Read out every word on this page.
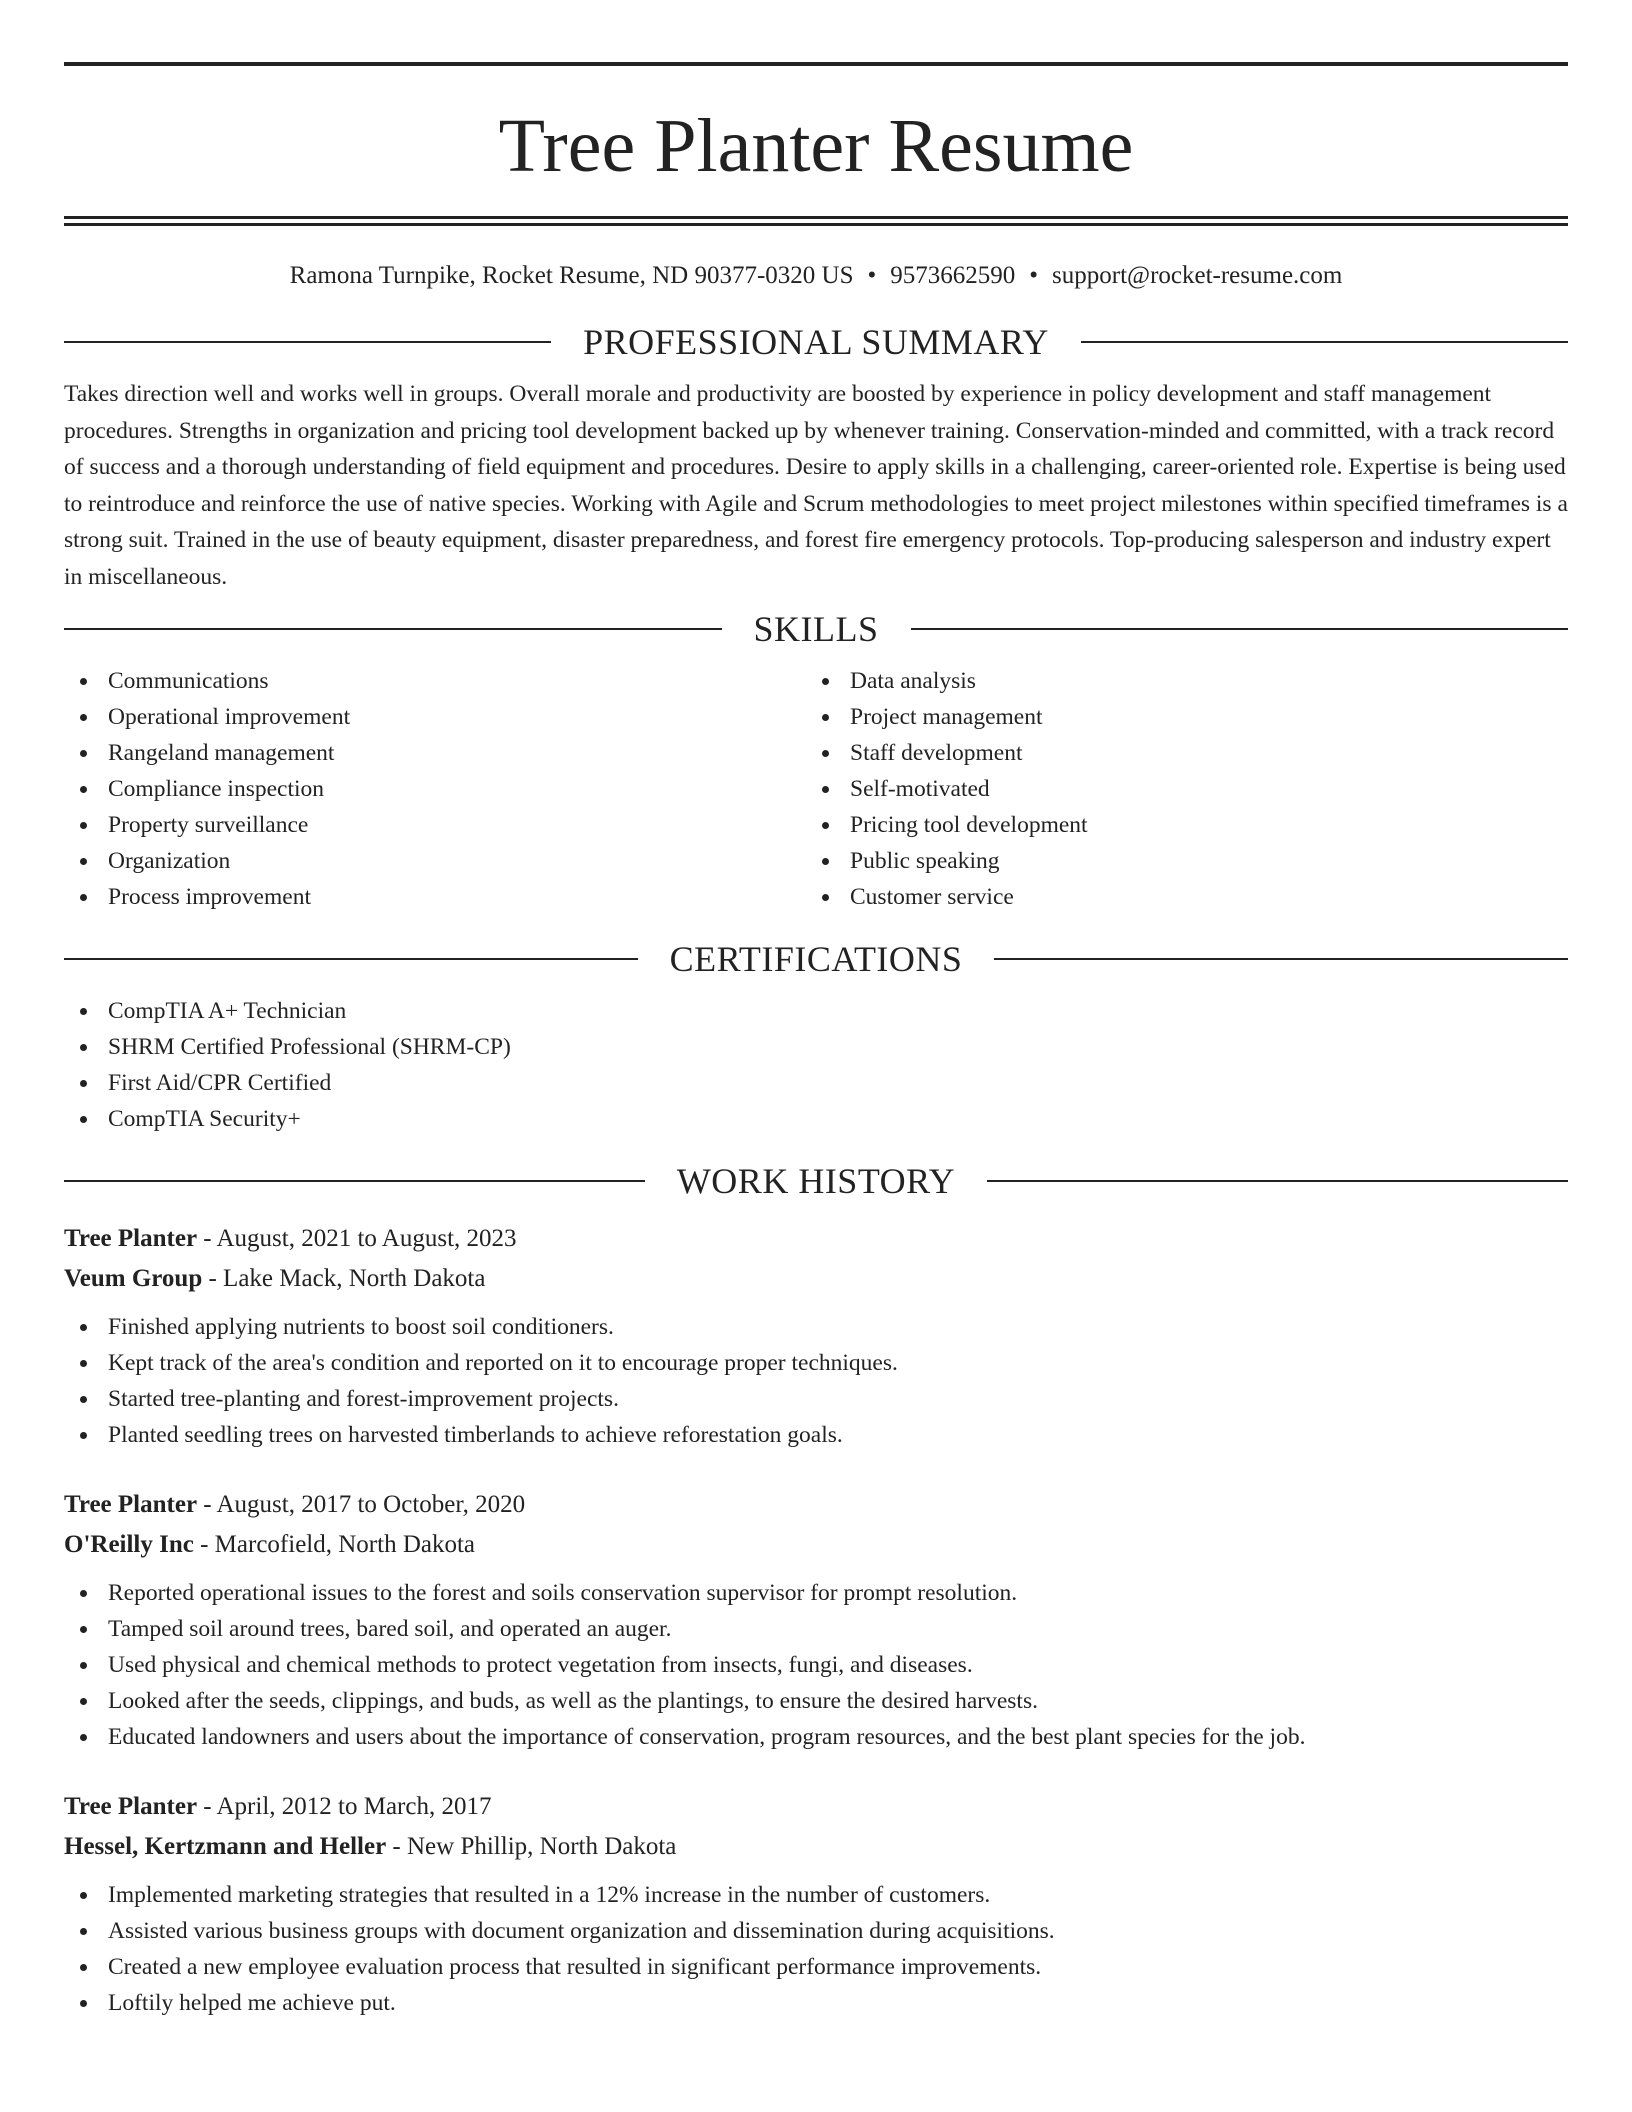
Tree Planter Resume
Ramona Turnpike, Rocket Resume, ND 90377-0320 US • 9573662590 • support@rocket-resume.com
PROFESSIONAL SUMMARY

Takes direction well and works well in groups. Overall morale and productivity are boosted by experience in policy development and staff management procedures. Strengths in organization and pricing tool development backed up by whenever training. Conservation-minded and committed, with a track record of success and a thorough understanding of field equipment and procedures. Desire to apply skills in a challenging, career-oriented role. Expertise is being used to reintroduce and reinforce the use of native species. Working with Agile and Scrum methodologies to meet project milestones within specified timeframes is a strong suit. Trained in the use of beauty equipment, disaster preparedness, and forest fire emergency protocols. Top-producing salesperson and industry expert in miscellaneous.

SKILLS
Communications
Operational improvement
Rangeland management
Compliance inspection
Property surveillance
Organization
Process improvement
Data analysis
Project management
Staff development
Self-motivated
Pricing tool development
Public speaking
Customer service
CERTIFICATIONS
CompTIA A+ Technician
SHRM Certified Professional (SHRM-CP)
First Aid/CPR Certified
CompTIA Security+
WORK HISTORY
Tree Planter - August, 2021 to August, 2023
Veum Group - Lake Mack, North Dakota
Finished applying nutrients to boost soil conditioners.
Kept track of the area's condition and reported on it to encourage proper techniques.
Started tree-planting and forest-improvement projects.
Planted seedling trees on harvested timberlands to achieve reforestation goals.
Tree Planter - August, 2017 to October, 2020
O'Reilly Inc - Marcofield, North Dakota
Reported operational issues to the forest and soils conservation supervisor for prompt resolution.
Tamped soil around trees, bared soil, and operated an auger.
Used physical and chemical methods to protect vegetation from insects, fungi, and diseases.
Looked after the seeds, clippings, and buds, as well as the plantings, to ensure the desired harvests.
Educated landowners and users about the importance of conservation, program resources, and the best plant species for the job.
Tree Planter - April, 2012 to March, 2017
Hessel, Kertzmann and Heller - New Phillip, North Dakota
Implemented marketing strategies that resulted in a 12% increase in the number of customers.
Assisted various business groups with document organization and dissemination during acquisitions.
Created a new employee evaluation process that resulted in significant performance improvements.
Loftily helped me achieve put.
